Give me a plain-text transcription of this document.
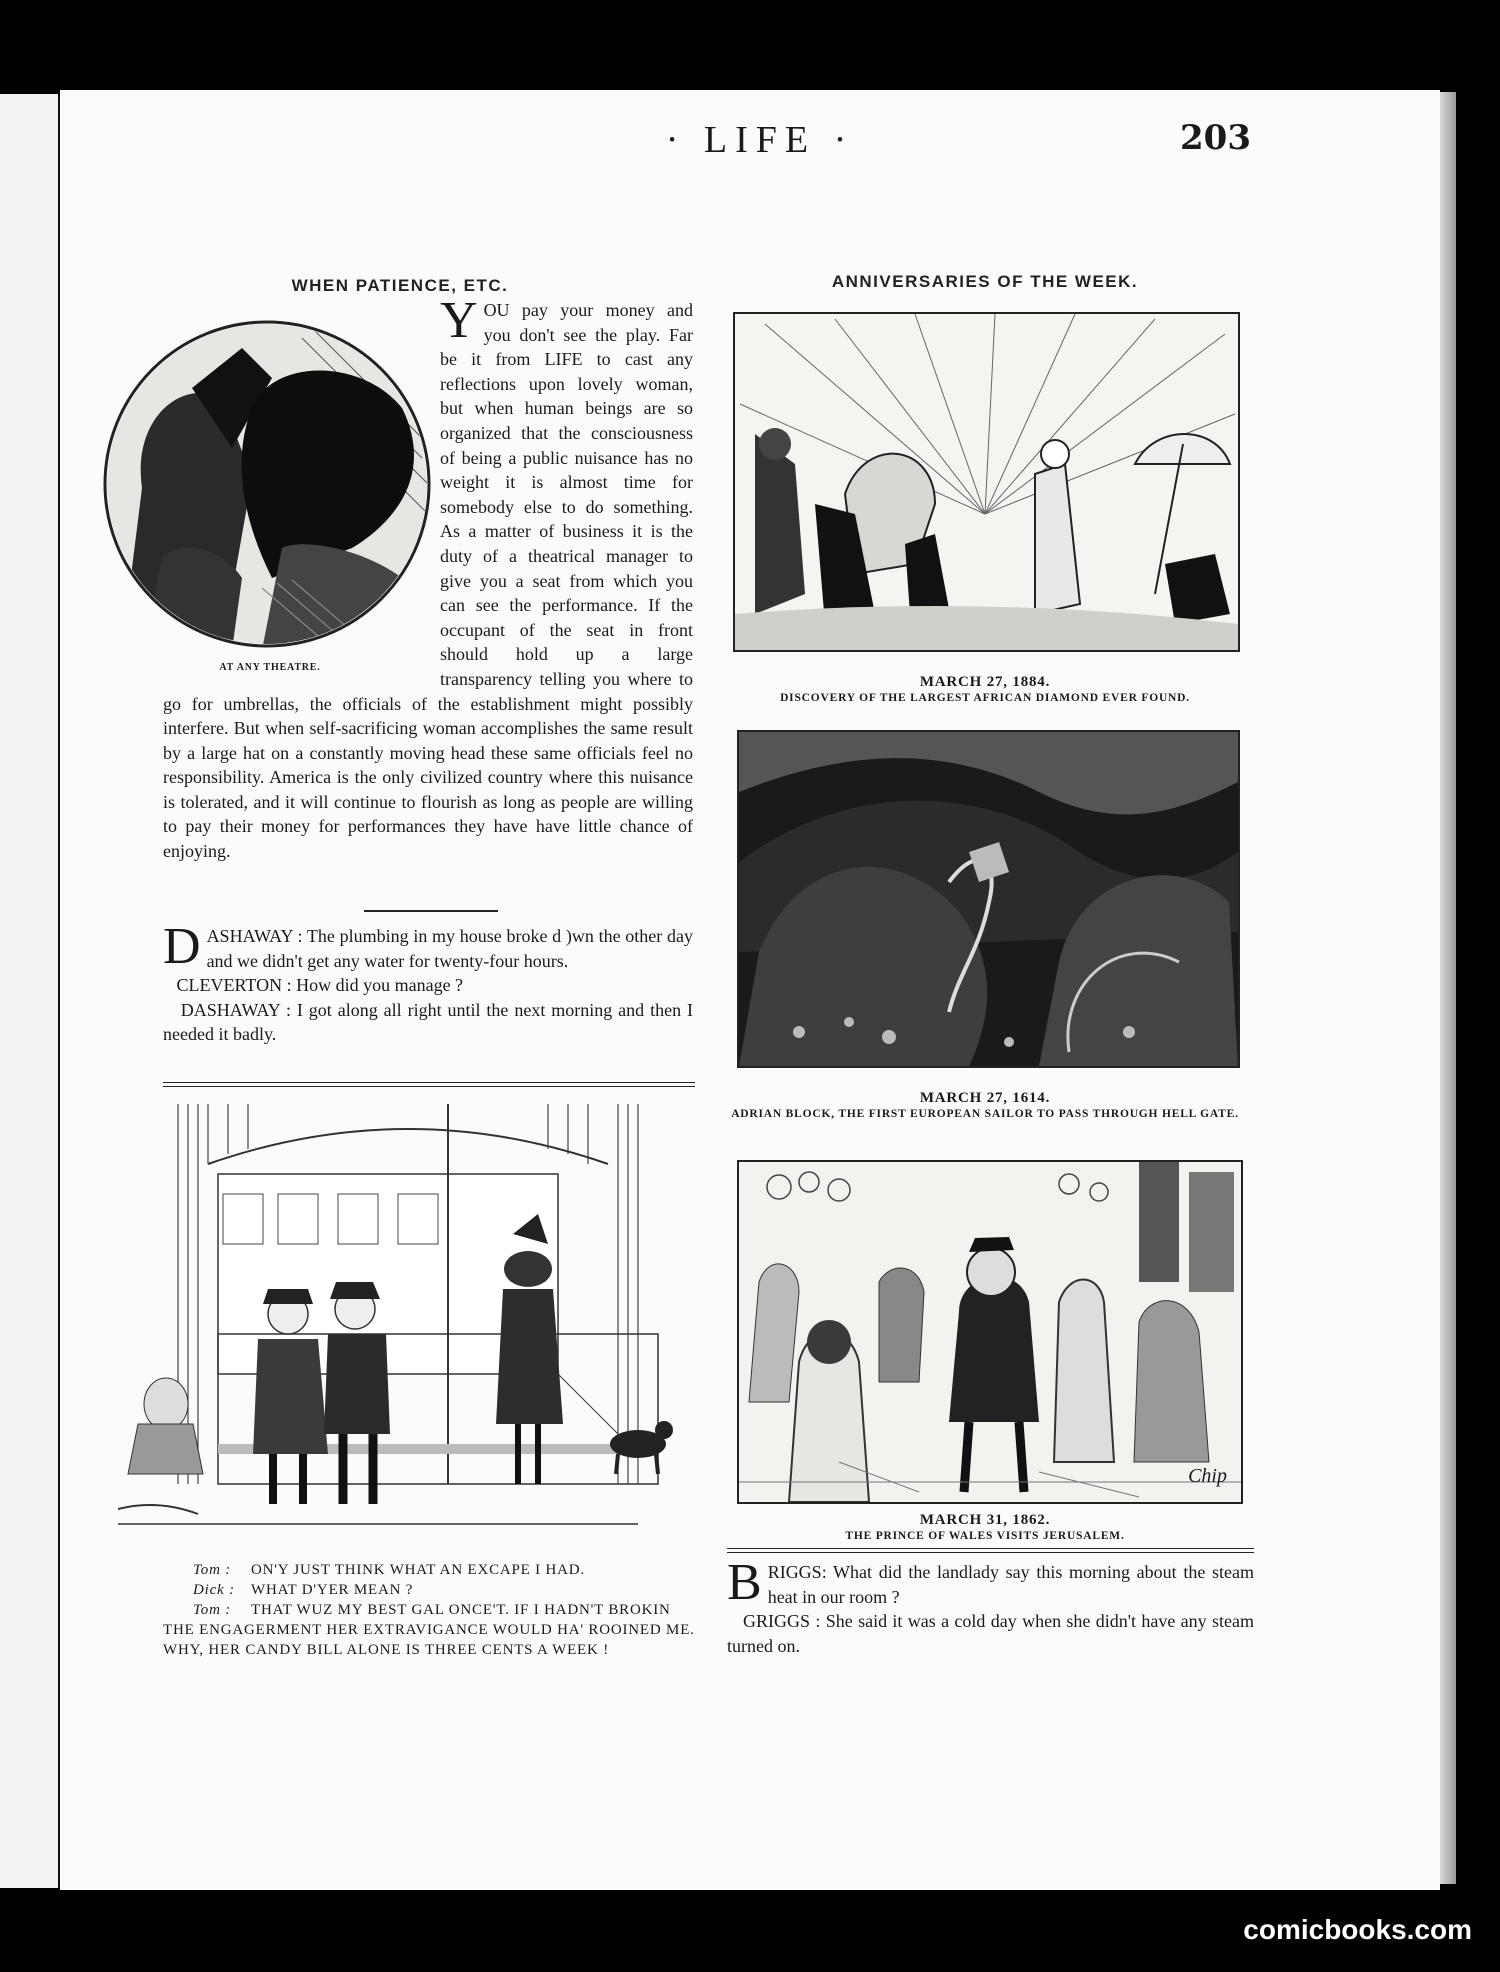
· LIFE ·	203
WHEN PATIENCE, ETC.
AT ANY THEATRE.
YOU pay your money and you don't see the play. Far be it from LIFE to cast any reflections upon lovely woman, but when human beings are so organized that the consciousness of being a public nuisance has no weight it is almost time for somebody else to do something. As a matter of business it is the duty of a theatrical manager to give you a seat from which you can see the performance. If the occupant of the seat in front should hold up a large transparency telling you where to go for umbrellas, the officials of the establishment might possibly interfere. But when self-sacrificing woman accomplishes the same result by a large hat on a constantly moving head these same officials feel no responsibility. America is the only civilized country where this nuisance is tolerated, and it will continue to flourish as long as people are willing to pay their money for performances they have have little chance of enjoying.
D ASHAWAY : The plumbing in my house broke d )wn the other day and we didn't get any water for twenty-four hours.
CLEVERTON : How did you manage ?
DASHAWAY : I got along all right until the next morning and then I needed it badly.
Tom : ON'Y JUST THINK WHAT AN EXCAPE I HAD.
Dick : WHAT D'YER MEAN ?
Tom : THAT WUZ MY BEST GAL ONCE'T. IF I HADN'T BROKIN
THE ENGAGERMENT HER EXTRAVIGANCE WOULD HA' ROOINED ME.
WHY, HER CANDY BILL ALONE IS THREE CENTS A WEEK !
ANNIVERSARIES OF THE WEEK.
MARCH 27, 1884.
DISCOVERY OF THE LARGEST AFRICAN DIAMOND EVER FOUND.
MARCH 27, 1614.
ADRIAN BLOCK, THE FIRST EUROPEAN SAILOR TO PASS THROUGH HELL GATE.
Chip
MARCH 31, 1862.
THE PRINCE OF WALES VISITS JERUSALEM.
B RIGGS: What did the landlady say this morning about the steam heat in our room ?
GRIGGS : She said it was a cold day when she didn't have any steam turned on.
comicbooks.com
